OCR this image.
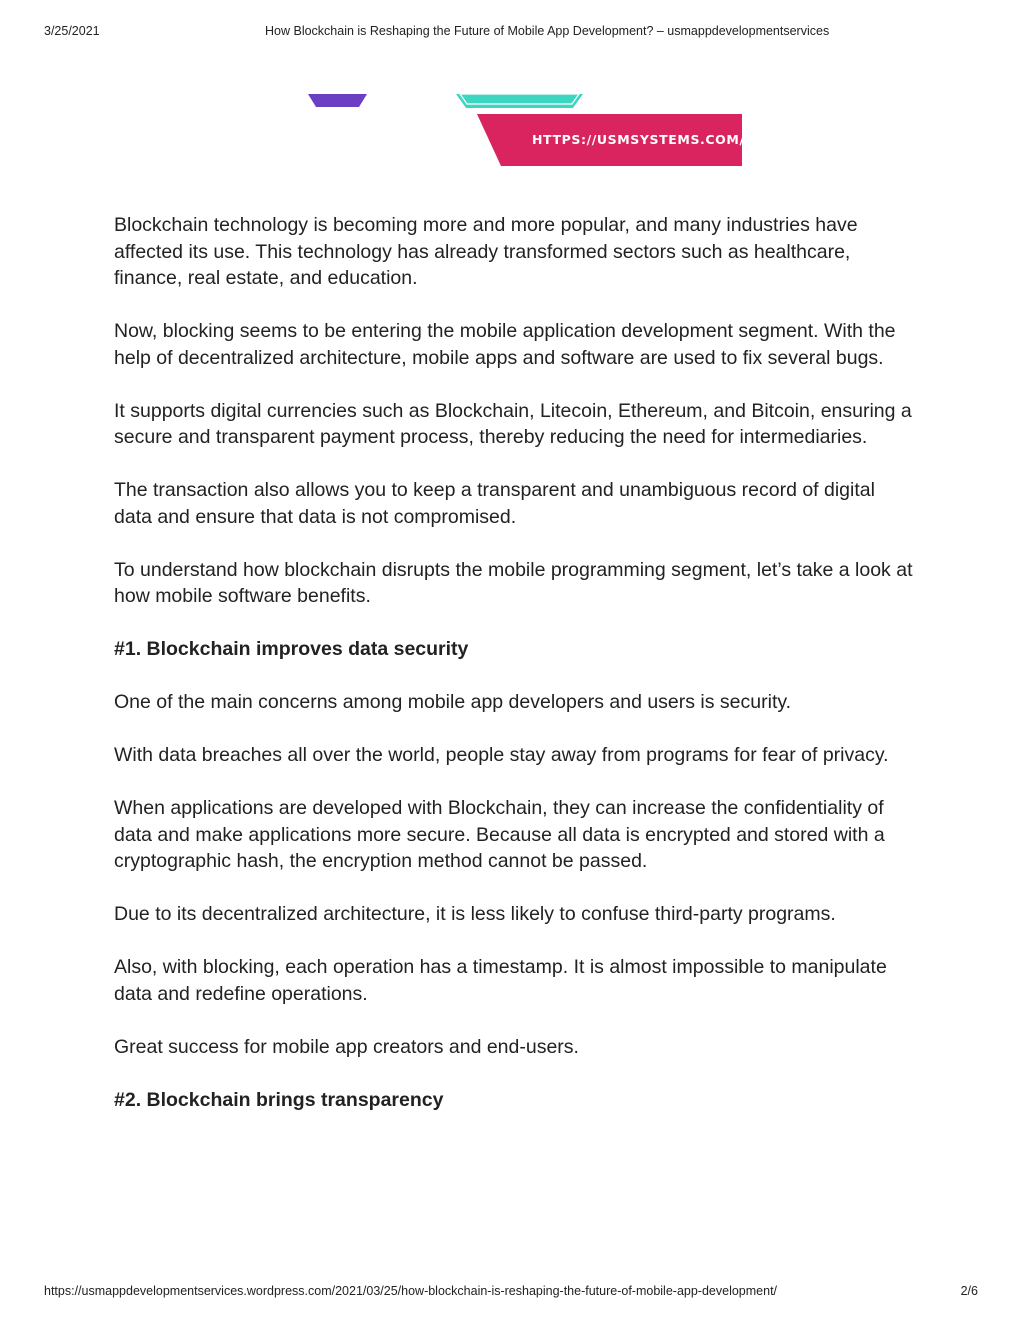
3/25/2021	How Blockchain is Reshaping the Future of Mobile App Development? – usmappdevelopmentservices
HTTPS://USMSYSTEMS.COM/

Blockchain technology is becoming more and more popular, and many industries have affected its use. This technology has already transformed sectors such as healthcare, finance, real estate, and education.

Now, blocking seems to be entering the mobile application development segment. With the help of decentralized architecture, mobile apps and software are used to fix several bugs.

It supports digital currencies such as Blockchain, Litecoin, Ethereum, and Bitcoin, ensuring a secure and transparent payment process, thereby reducing the need for intermediaries.

The transaction also allows you to keep a transparent and unambiguous record of digital data and ensure that data is not compromised.

To understand how blockchain disrupts the mobile programming segment, let’s take a look at how mobile software benefits.

#1. Blockchain improves data security

One of the main concerns among mobile app developers and users is security.

With data breaches all over the world, people stay away from programs for fear of privacy.

When applications are developed with Blockchain, they can increase the confidentiality of data and make applications more secure. Because all data is encrypted and stored with a cryptographic hash, the encryption method cannot be passed.

Due to its decentralized architecture, it is less likely to confuse third-party programs.

Also, with blocking, each operation has a timestamp. It is almost impossible to manipulate data and redefine operations.

Great success for mobile app creators and end-users.

#2. Blockchain brings transparency
https://usmappdevelopmentservices.wordpress.com/2021/03/25/how-blockchain-is-reshaping-the-future-of-mobile-app-development/	2/6
